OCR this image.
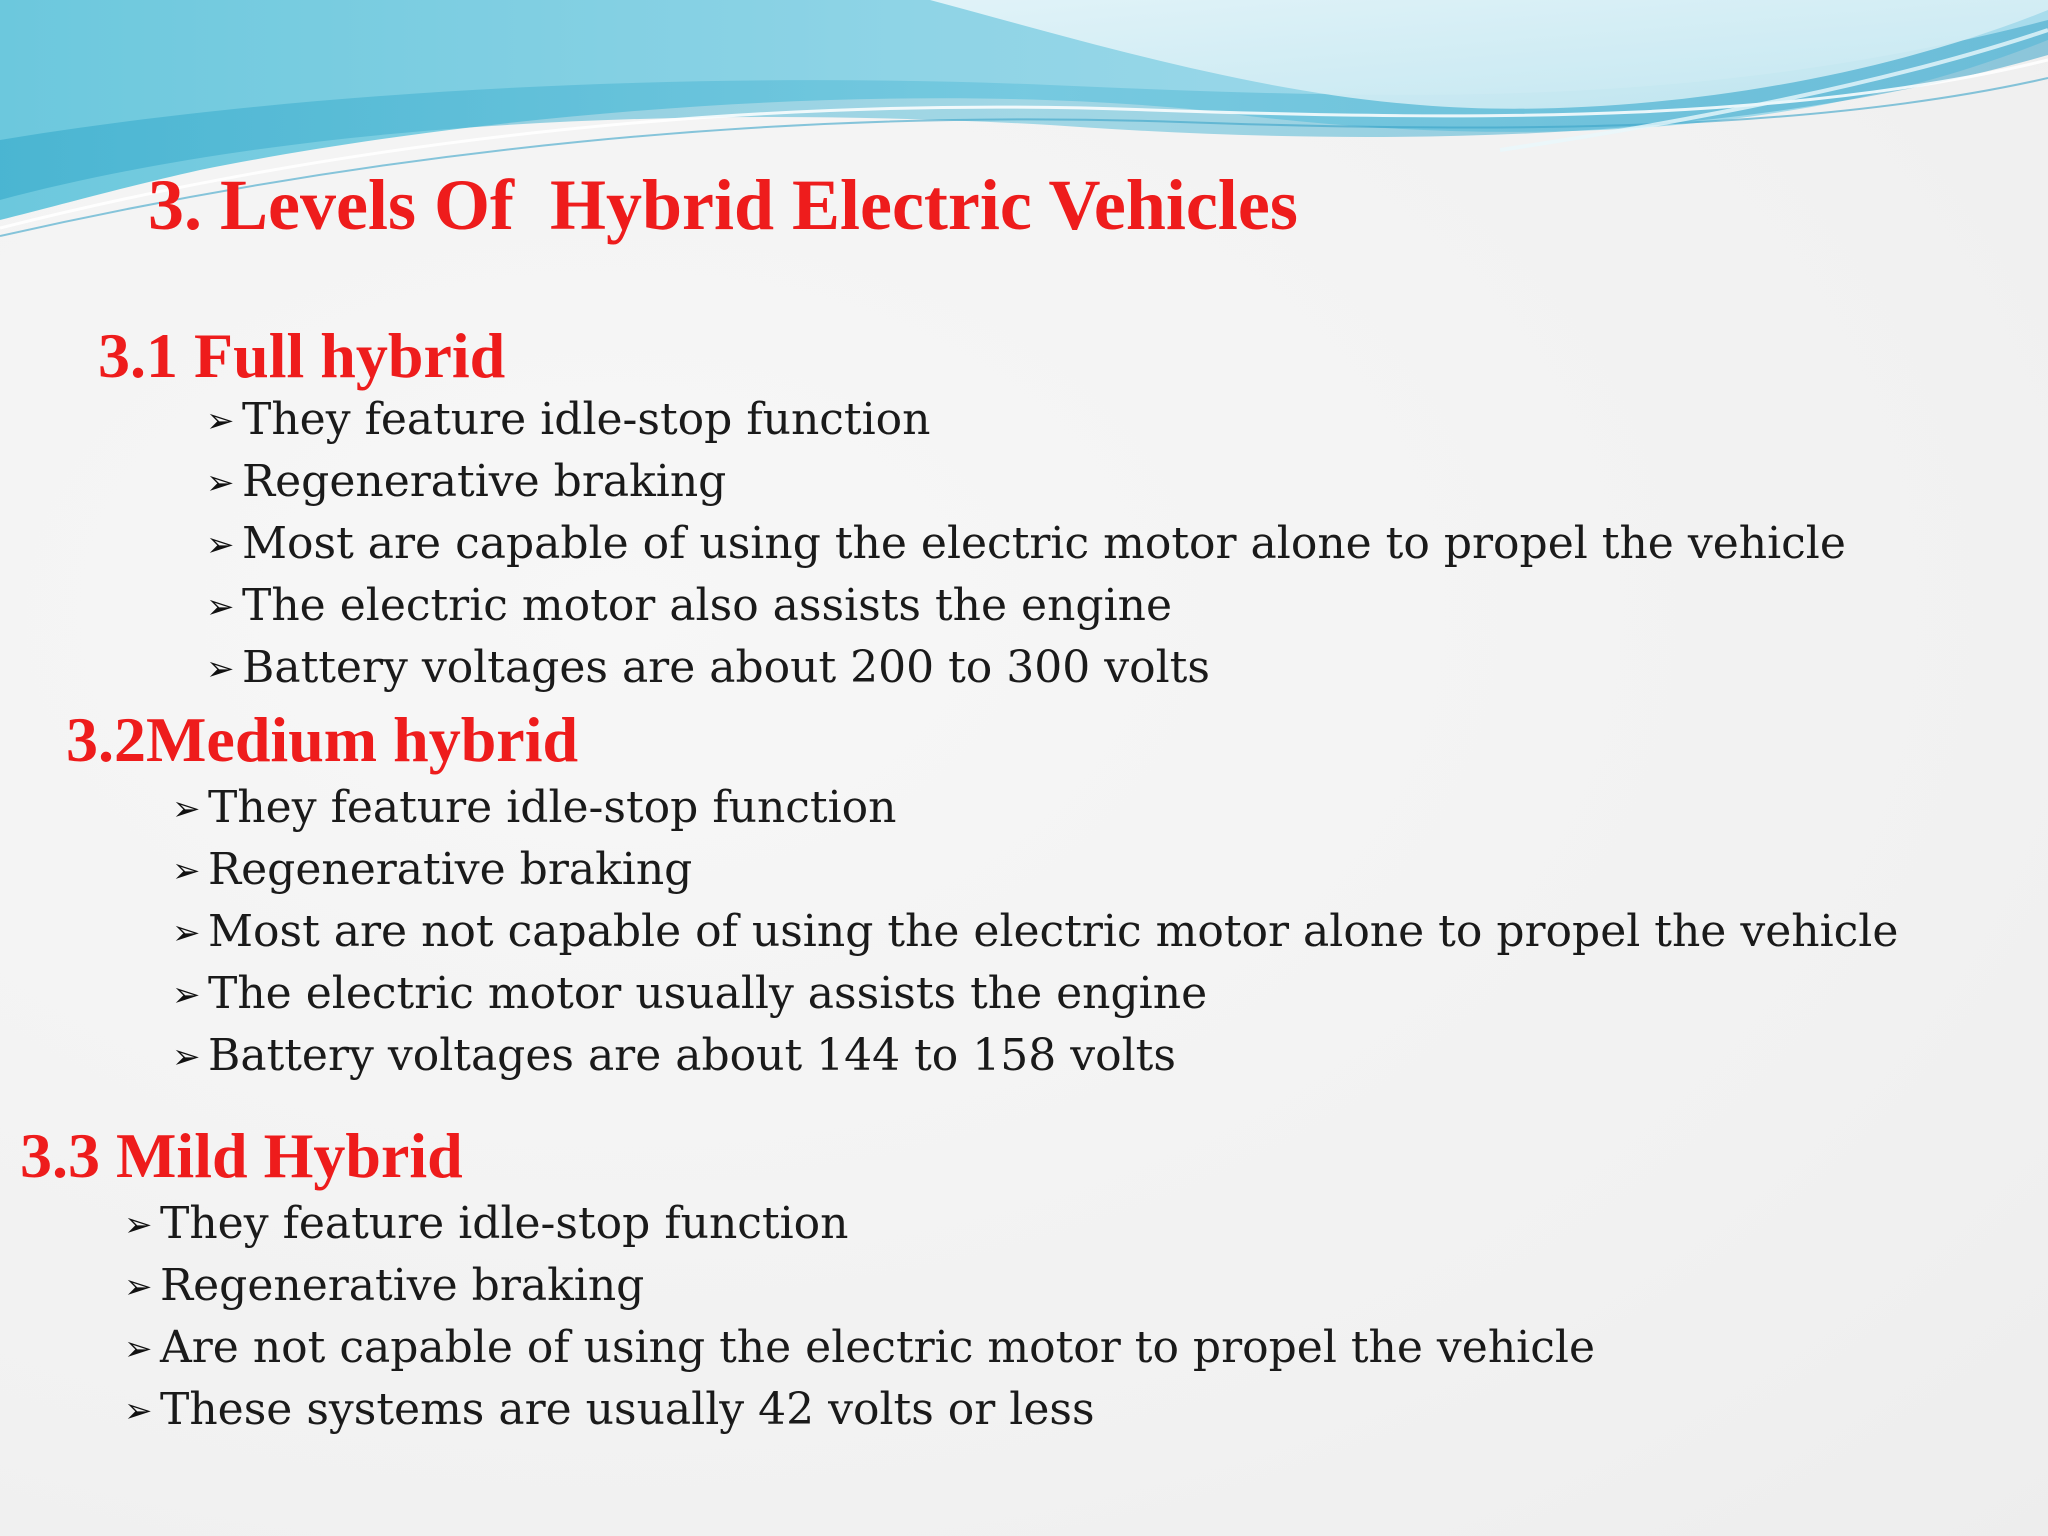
3. Levels Of  Hybrid Electric Vehicles
3.1 Full hybrid
➢ They feature idle-stop function
➢ Regenerative braking
➢ Most are capable of using the electric motor alone to propel the vehicle
➢ The electric motor also assists the engine
➢ Battery voltages are about 200 to 300 volts
3.2Medium hybrid
➢ They feature idle-stop function
➢ Regenerative braking
➢ Most are not capable of using the electric motor alone to propel the vehicle
➢ The electric motor usually assists the engine
➢ Battery voltages are about 144 to 158 volts
3.3 Mild Hybrid
➢ They feature idle-stop function
➢ Regenerative braking
➢ Are not capable of using the electric motor to propel the vehicle
➢ These systems are usually 42 volts or less
